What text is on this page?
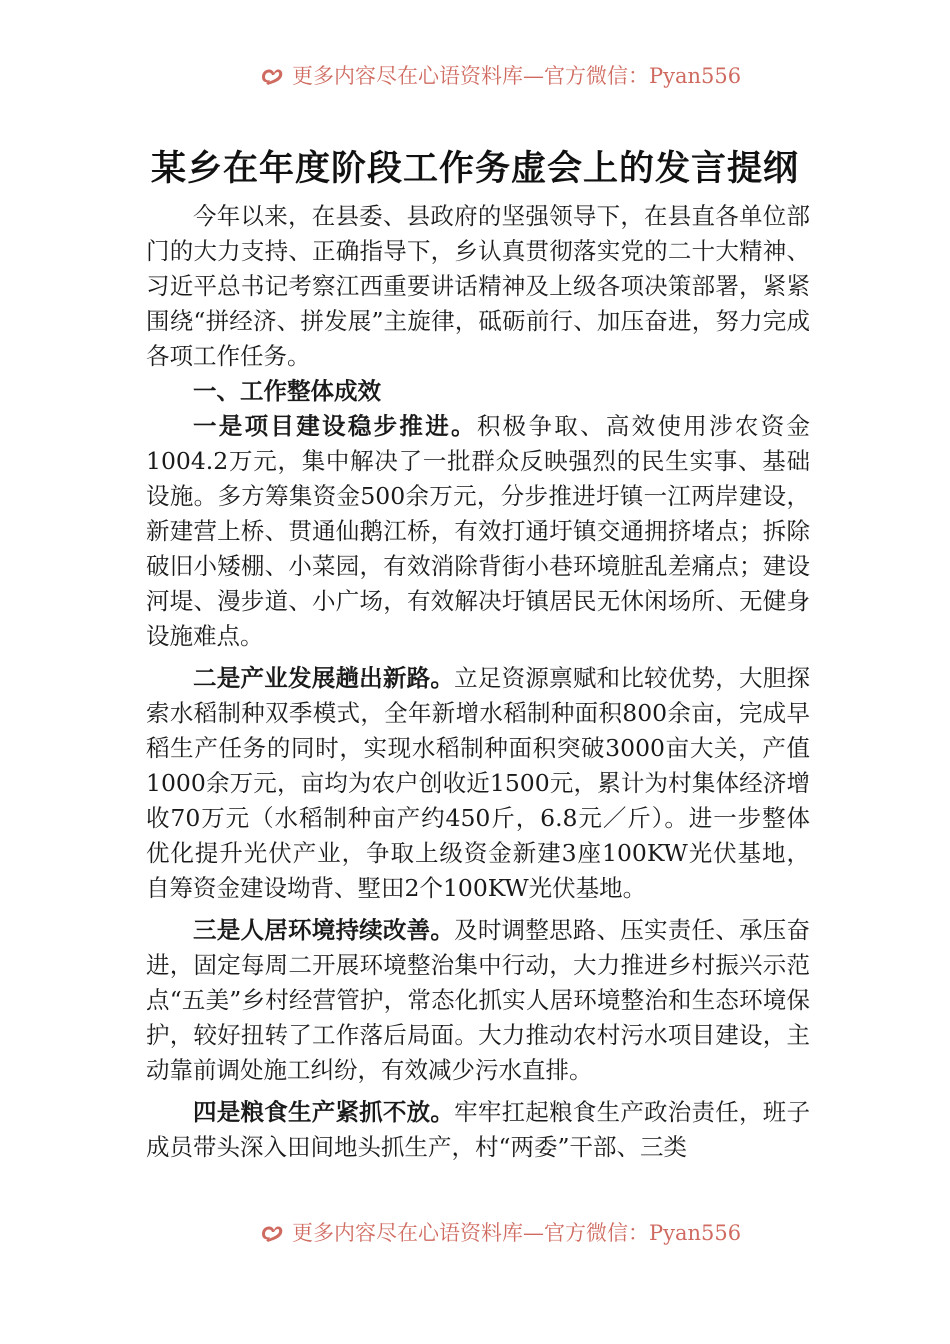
更多内容尽在心语资料库—官方微信：Pyan556
某乡在年度阶段工作务虚会上的发言提纲

今年以来，在县委、县政府的坚强领导下，在县直各单位部门的大力支持、正确指导下，乡认真贯彻落实党的二十大精神、习近平总书记考察江西重要讲话精神及上级各项决策部署，紧紧围绕“拼经济、拼发展”主旋律，砥砺前行、加压奋进，努力完成各项工作任务。

一、工作整体成效

一是项目建设稳步推进。积极争取、高效使用涉农资金1004.2万元，集中解决了一批群众反映强烈的民生实事、基础设施。多方筹集资金500余万元，分步推进圩镇一江两岸建设，新建营上桥、贯通仙鹅江桥，有效打通圩镇交通拥挤堵点；拆除破旧小矮棚、小菜园，有效消除背街小巷环境脏乱差痛点；建设河堤、漫步道、小广场，有效解决圩镇居民无休闲场所、无健身设施难点。

二是产业发展趟出新路。立足资源禀赋和比较优势，大胆探索水稻制种双季模式，全年新增水稻制种面积800余亩，完成早稻生产任务的同时，实现水稻制种面积突破3000亩大关，产值1000余万元，亩均为农户创收近1500元，累计为村集体经济增收70万元（水稻制种亩产约450斤，6.8元／斤）。进一步整体优化提升光伏产业，争取上级资金新建3座100KW光伏基地，自筹资金建设坳背、墅田2个100KW光伏基地。

三是人居环境持续改善。及时调整思路、压实责任、承压奋进，固定每周二开展环境整治集中行动，大力推进乡村振兴示范点“五美”乡村经营管护，常态化抓实人居环境整治和生态环境保护，较好扭转了工作落后局面。大力推动农村污水项目建设，主动靠前调处施工纠纷，有效减少污水直排。

四是粮食生产紧抓不放。牢牢扛起粮食生产政治责任，班子成员带头深入田间地头抓生产，村“两委”干部、三类

更多内容尽在心语资料库—官方微信：Pyan556
